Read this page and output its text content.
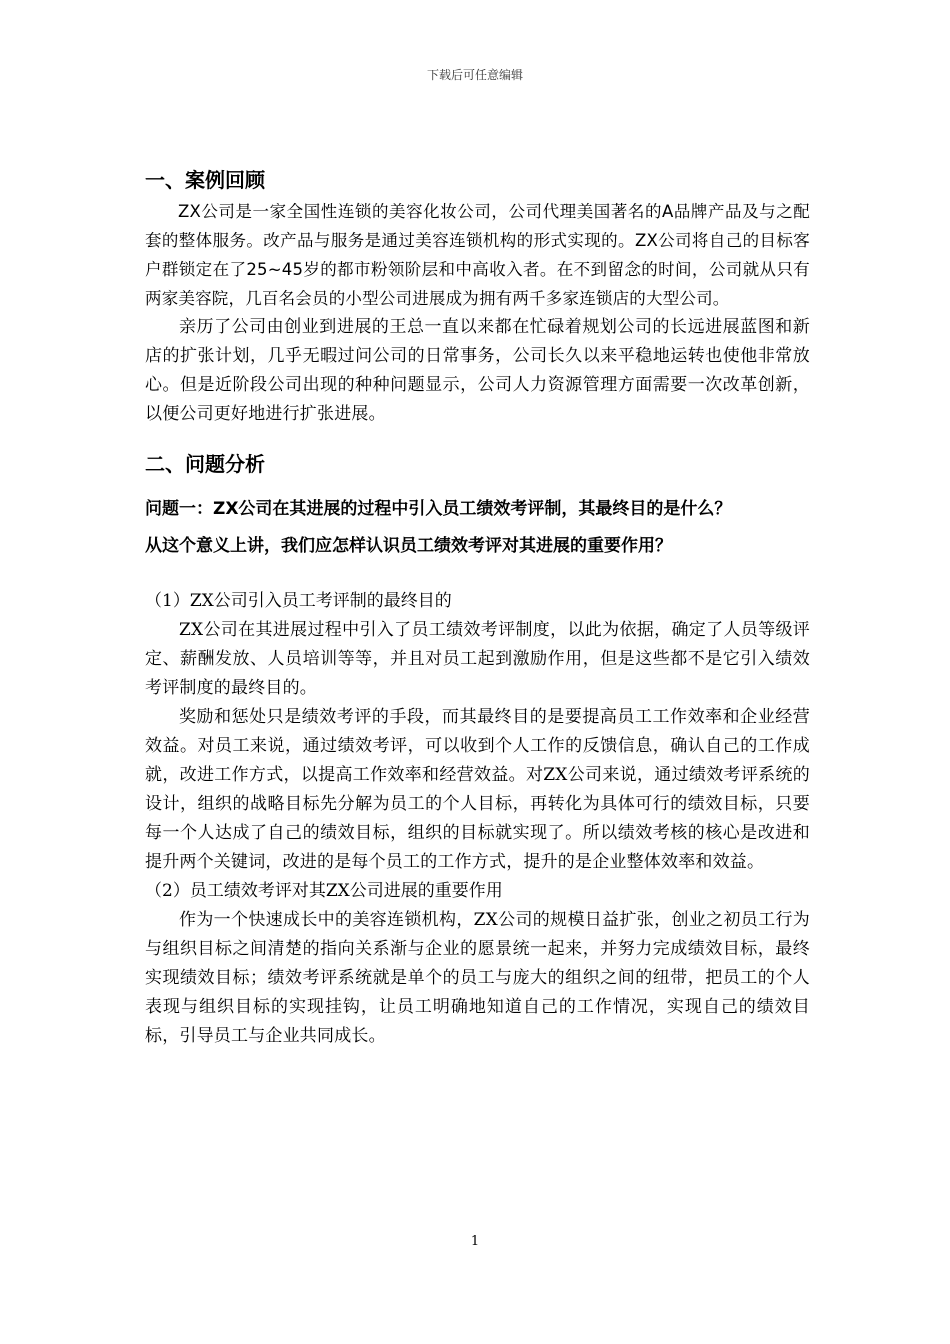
下载后可任意编辑
一、案例回顾

ZX公司是一家全国性连锁的美容化妆公司，公司代理美国著名的A品牌产品及与之配套的整体服务。改产品与服务是通过美容连锁机构的形式实现的。ZX公司将自己的目标客户群锁定在了25~45岁的都市粉领阶层和中高收入者。在不到留念的时间，公司就从只有两家美容院，几百名会员的小型公司进展成为拥有两千多家连锁店的大型公司。

亲历了公司由创业到进展的王总一直以来都在忙碌着规划公司的长远进展蓝图和新店的扩张计划，几乎无暇过问公司的日常事务，公司长久以来平稳地运转也使他非常放心。但是近阶段公司出现的种种问题显示，公司人力资源管理方面需要一次改革创新，以便公司更好地进行扩张进展。

二、问题分析

问题一：ZX公司在其进展的过程中引入员工绩效考评制，其最终目的是什么？

从这个意义上讲，我们应怎样认识员工绩效考评对其进展的重要作用？

（1）ZX公司引入员工考评制的最终目的

ZX公司在其进展过程中引入了员工绩效考评制度，以此为依据，确定了人员等级评定、薪酬发放、人员培训等等，并且对员工起到激励作用，但是这些都不是它引入绩效考评制度的最终目的。

奖励和惩处只是绩效考评的手段，而其最终目的是要提高员工工作效率和企业经营效益。对员工来说，通过绩效考评，可以收到个人工作的反馈信息，确认自己的工作成就，改进工作方式，以提高工作效率和经营效益。对ZX公司来说，通过绩效考评系统的设计，组织的战略目标先分解为员工的个人目标，再转化为具体可行的绩效目标，只要每一个人达成了自己的绩效目标，组织的目标就实现了。所以绩效考核的核心是改进和提升两个关键词，改进的是每个员工的工作方式，提升的是企业整体效率和效益。

（2）员工绩效考评对其ZX公司进展的重要作用

作为一个快速成长中的美容连锁机构，ZX公司的规模日益扩张，创业之初员工行为与组织目标之间清楚的指向关系渐与企业的愿景统一起来，并努力完成绩效目标，最终实现绩效目标；绩效考评系统就是单个的员工与庞大的组织之间的纽带，把员工的个人表现与组织目标的实现挂钩，让员工明确地知道自己的工作情况，实现自己的绩效目标，引导员工与企业共同成长。

1
